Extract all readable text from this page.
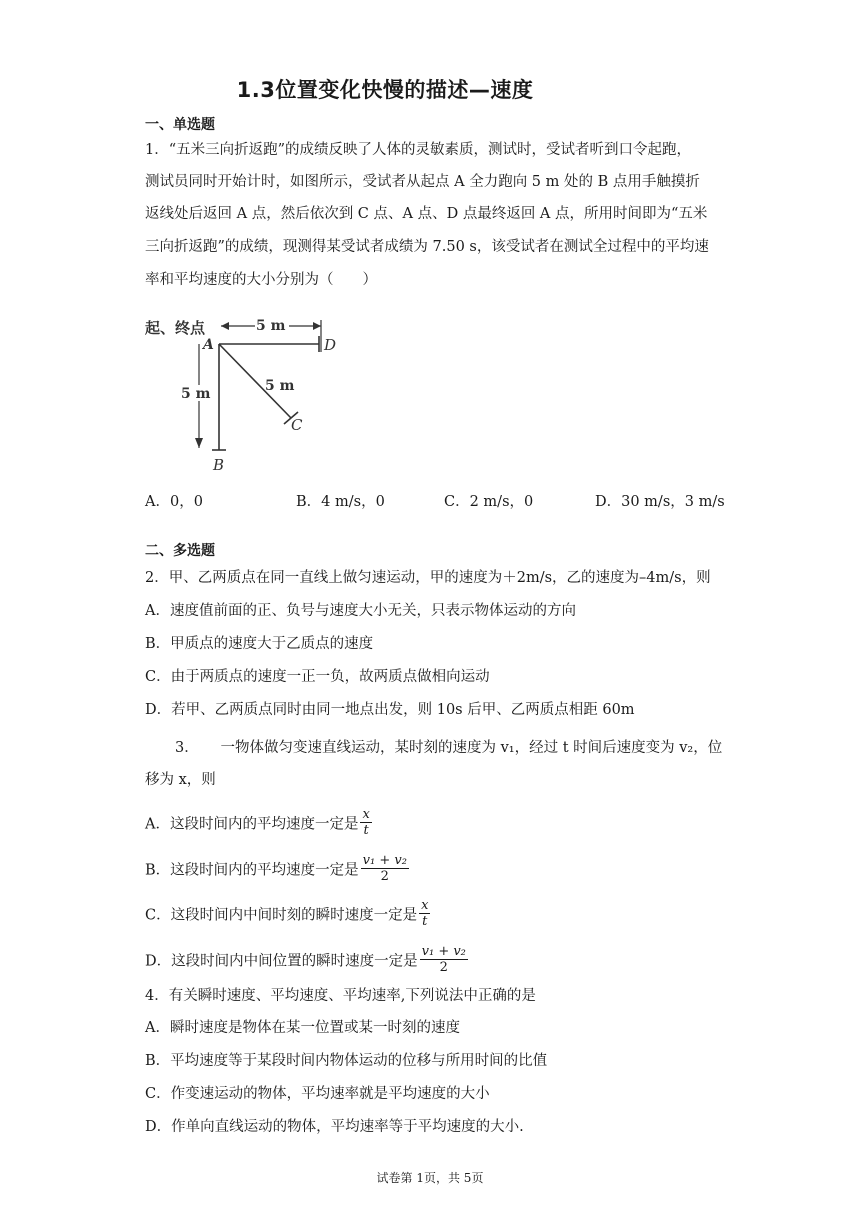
1.3位置变化快慢的描述—速度
一、单选题
1．“五米三向折返跑”的成绩反映了人体的灵敏素质，测试时，受试者听到口令起跑，
测试员同时开始计时，如图所示，受试者从起点 A 全力跑向 5 m 处的 B 点用手触摸折
返线处后返回 A 点，然后依次到 C 点、A 点、D 点最终返回 A 点，所用时间即为“五米
三向折返跑”的成绩，现测得某受试者成绩为 7.50 s，该受试者在测试全过程中的平均速
率和平均速度的大小分别为（　　）
起、终点
A
5 m
D
B
5 m
C
5 m
A．0，0	B．4 m/s，0	C．2 m/s，0	D．30 m/s，3 m/s
二、多选题
2．甲、乙两质点在同一直线上做匀速运动，甲的速度为＋2m/s，乙的速度为–4m/s，则
A．速度值前面的正、负号与速度大小无关，只表示物体运动的方向
B．甲质点的速度大于乙质点的速度
C．由于两质点的速度一正一负，故两质点做相向运动
D．若甲、乙两质点同时由同一地点出发，则 10s 后甲、乙两质点相距 60m
3．　　一物体做匀变速直线运动，某时刻的速度为 v₁，经过 t 时间后速度变为 v₂，位
移为 x，则
A．这段时间内的平均速度一定是 $\frac{x}{t}$
B．这段时间内的平均速度一定是 $\frac{\text{v₁ + v₂}}{2}$
C．这段时间内中间时刻的瞬时速度一定是 $\frac{x}{t}$
D．这段时间内中间位置的瞬时速度一定是 $\frac{\text{v₁ + v₂}}{2}$
4．有关瞬时速度、平均速度、平均速率,下列说法中正确的是
A．瞬时速度是物体在某一位置或某一时刻的速度
B．平均速度等于某段时间内物体运动的位移与所用时间的比值
C．作变速运动的物体，平均速率就是平均速度的大小
D．作单向直线运动的物体，平均速率等于平均速度的大小.
试卷第 1页，共 5页
